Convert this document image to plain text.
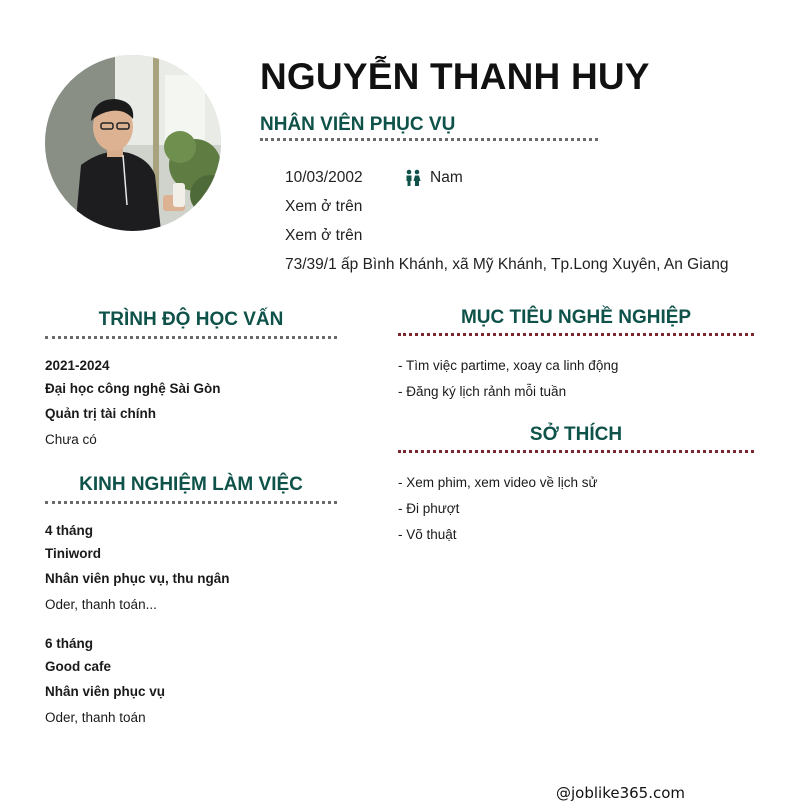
NGUYỄN THANH HUY
NHÂN VIÊN PHỤC VỤ
10/03/2002	Nam
Xem ở trên
Xem ở trên
73/39/1 ấp Bình Khánh, xã Mỹ Khánh, Tp.Long Xuyên, An Giang
TRÌNH ĐỘ HỌC VẤN
2021-2024
Đại học công nghệ Sài Gòn
Quản trị tài chính
Chưa có
KINH NGHIỆM LÀM VIỆC
4 tháng
Tiniword
Nhân viên phục vụ, thu ngân
Oder, thanh toán...
6 tháng
Good cafe
Nhân viên phục vụ
Oder, thanh toán
MỤC TIÊU NGHỀ NGHIỆP
- Tìm việc partime, xoay ca linh động
- Đăng ký lịch rảnh mỗi tuần
SỞ THÍCH
- Xem phim, xem video về lịch sử
- Đi phượt
- Võ thuật
@joblike365.com
